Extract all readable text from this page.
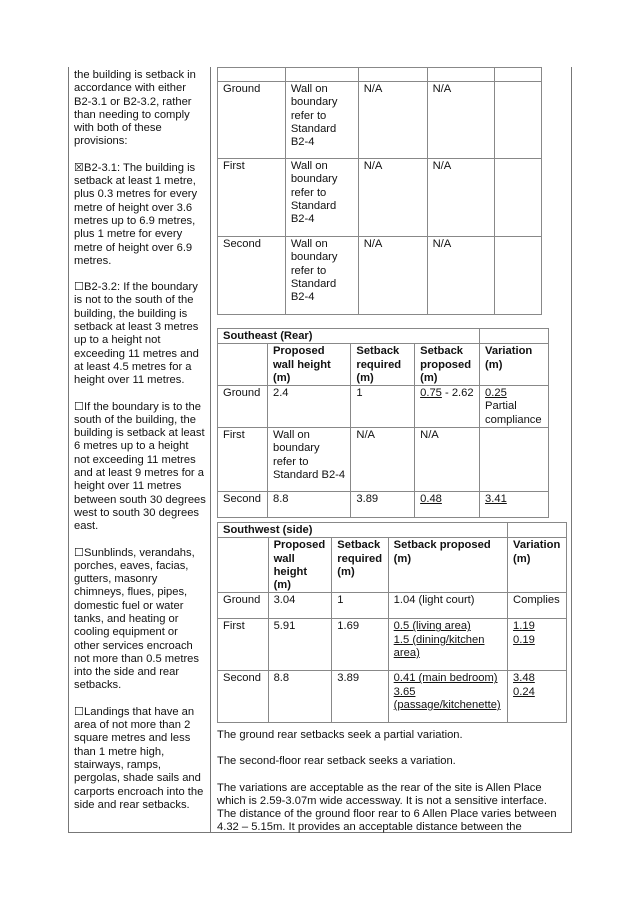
the building is setback in accordance with either B2-3.1 or B2-3.2, rather than needing to comply with both of these provisions:

☒B2-3.1: The building is setback at least 1 metre, plus 0.3 metres for every metre of height over 3.6 metres up to 6.9 metres, plus 1 metre for every metre of height over 6.9 metres.

☐B2-3.2: If the boundary is not to the south of the building, the building is setback at least 3 metres up to a height not exceeding 11 metres and at least 4.5 metres for a height over 11 metres.

☐If the boundary is to the south of the building, the building is setback at least 6 metres up to a height not exceeding 11 metres and at least 9 metres for a height over 11 metres between south 30 degrees west to south 30 degrees east.

☐Sunblinds, verandahs, porches, eaves, facias, gutters, masonry chimneys, flues, pipes, domestic fuel or water tanks, and heating or cooling equipment or other services encroach not more than 0.5 metres into the side and rear setbacks.

☐Landings that have an area of not more than 2 square metres and less than 1 metre high, stairways, ramps, pergolas, shade sails and carports encroach into the side and rear setbacks.

Ground	Wall on boundary refer to Standard B2-4	N/A	N/A	
First	Wall on boundary refer to Standard B2-4	N/A	N/A	
Second	Wall on boundary refer to Standard B2-4	N/A	N/A	
Southeast (Rear)				
	Proposed wall height (m)	Setback required (m)	Setback proposed (m)	Variation (m)
Ground	2.4	1	0.75 - 2.62	0.25
Partial compliance
First	Wall on boundary refer to Standard B2-4	N/A	N/A	
Second	8.8	3.89	0.48	3.41
Southwest (side)				
	Proposed wall height (m)	Setback required (m)	Setback proposed (m)	Variation (m)
Ground	3.04	1	1.04 (light court)	Complies
First	5.91	1.69	0.5 (living area)
1.5 (dining/kitchen area)	1.19
0.19
Second	8.8	3.89	0.41 (main bedroom)
3.65 (passage/kitchenette)	3.48
0.24

The ground rear setbacks seek a partial variation.

The second-floor rear setback seeks a variation.

The variations are acceptable as the rear of the site is Allen Place which is 2.59-3.07m wide accessway. It is not a sensitive interface. The distance of the ground floor rear to 6 Allen Place varies between 4.32 – 5.15m. It provides an acceptable distance between the
